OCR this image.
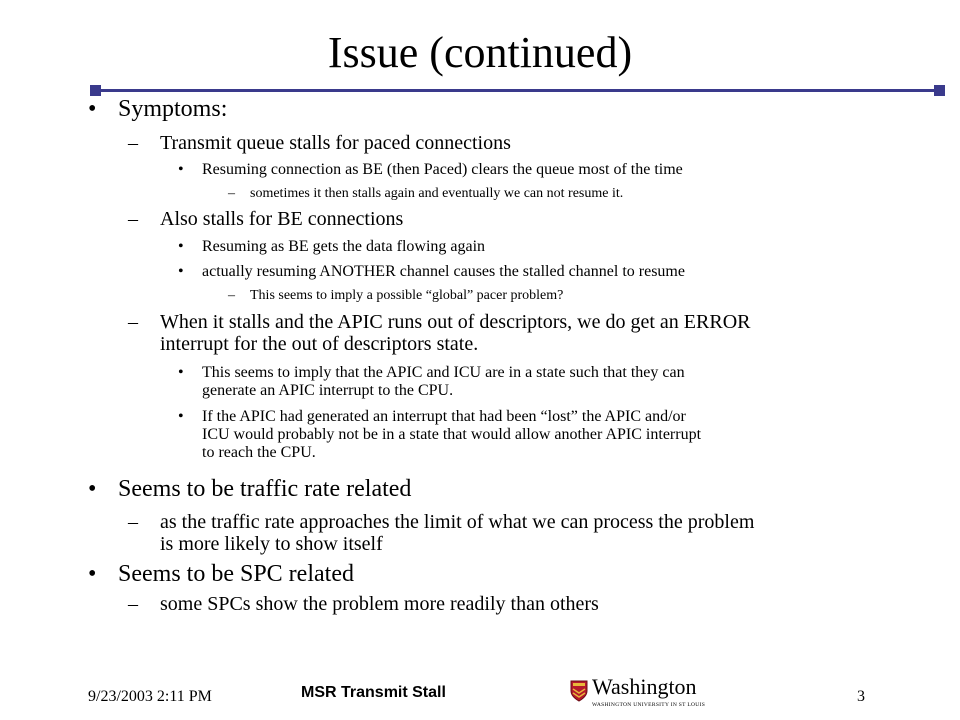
Issue (continued)
• Symptoms:
– Transmit queue stalls for paced connections
• Resuming connection as BE (then Paced) clears the queue most of the time
– sometimes it then stalls again and eventually we can not resume it.
– Also stalls for BE connections
• Resuming as BE gets the data flowing again
• actually resuming ANOTHER channel causes the stalled channel to resume
– This seems to imply a possible “global” pacer problem?
– When it stalls and the APIC runs out of descriptors, we do get an ERROR
interrupt for the out of descriptors state.
• This seems to imply that the APIC and ICU are in a state such that they can
generate an APIC interrupt to the CPU.
• If the APIC had generated an interrupt that had been “lost” the APIC and/or
ICU would probably not be in a state that would allow another APIC interrupt
to reach the CPU.
• Seems to be traffic rate related
– as the traffic rate approaches the limit of what we can process the problem
is more likely to show itself
• Seems to be SPC related
– some SPCs show the problem more readily than others
9/23/2003 2:11 PM	MSR Transmit Stall	Washington
WASHINGTON UNIVERSITY IN ST LOUIS	3
